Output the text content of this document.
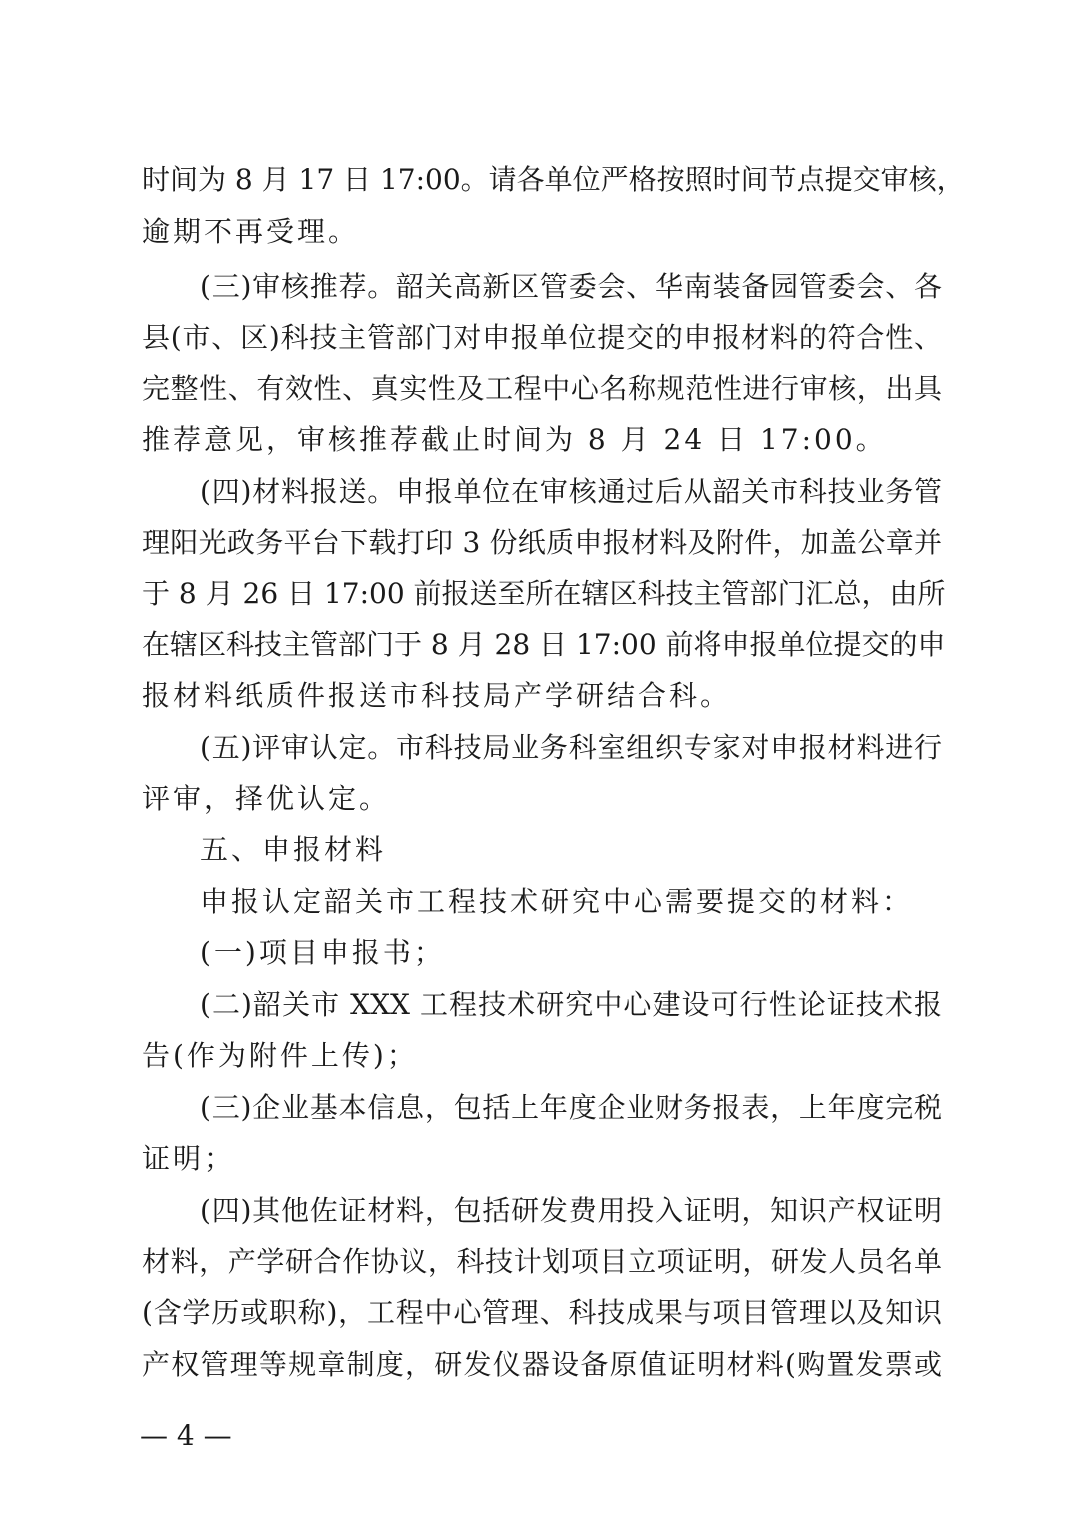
时间为 8 月 17 日 17:00。请各单位严格按照时间节点提交审核，
逾期不再受理。
(三)审核推荐。韶关高新区管委会、华南装备园管委会、各
县(市、区)科技主管部门对申报单位提交的申报材料的符合性、
完整性、有效性、真实性及工程中心名称规范性进行审核，出具
推荐意见，审核推荐截止时间为 8 月 24 日 17:00。
(四)材料报送。申报单位在审核通过后从韶关市科技业务管
理阳光政务平台下载打印 3 份纸质申报材料及附件，加盖公章并
于 8 月 26 日 17:00 前报送至所在辖区科技主管部门汇总，由所
在辖区科技主管部门于 8 月 28 日 17:00 前将申报单位提交的申
报材料纸质件报送市科技局产学研结合科。
(五)评审认定。市科技局业务科室组织专家对申报材料进行
评审，择优认定。
五、申报材料
申报认定韶关市工程技术研究中心需要提交的材料：
(一)项目申报书；
(二)韶关市 XXX 工程技术研究中心建设可行性论证技术报
告(作为附件上传)；
(三)企业基本信息，包括上年度企业财务报表，上年度完税
证明；
(四)其他佐证材料，包括研发费用投入证明，知识产权证明
材料，产学研合作协议，科技计划项目立项证明，研发人员名单
(含学历或职称)，工程中心管理、科技成果与项目管理以及知识
产权管理等规章制度，研发仪器设备原值证明材料(购置发票或
— 4 —
